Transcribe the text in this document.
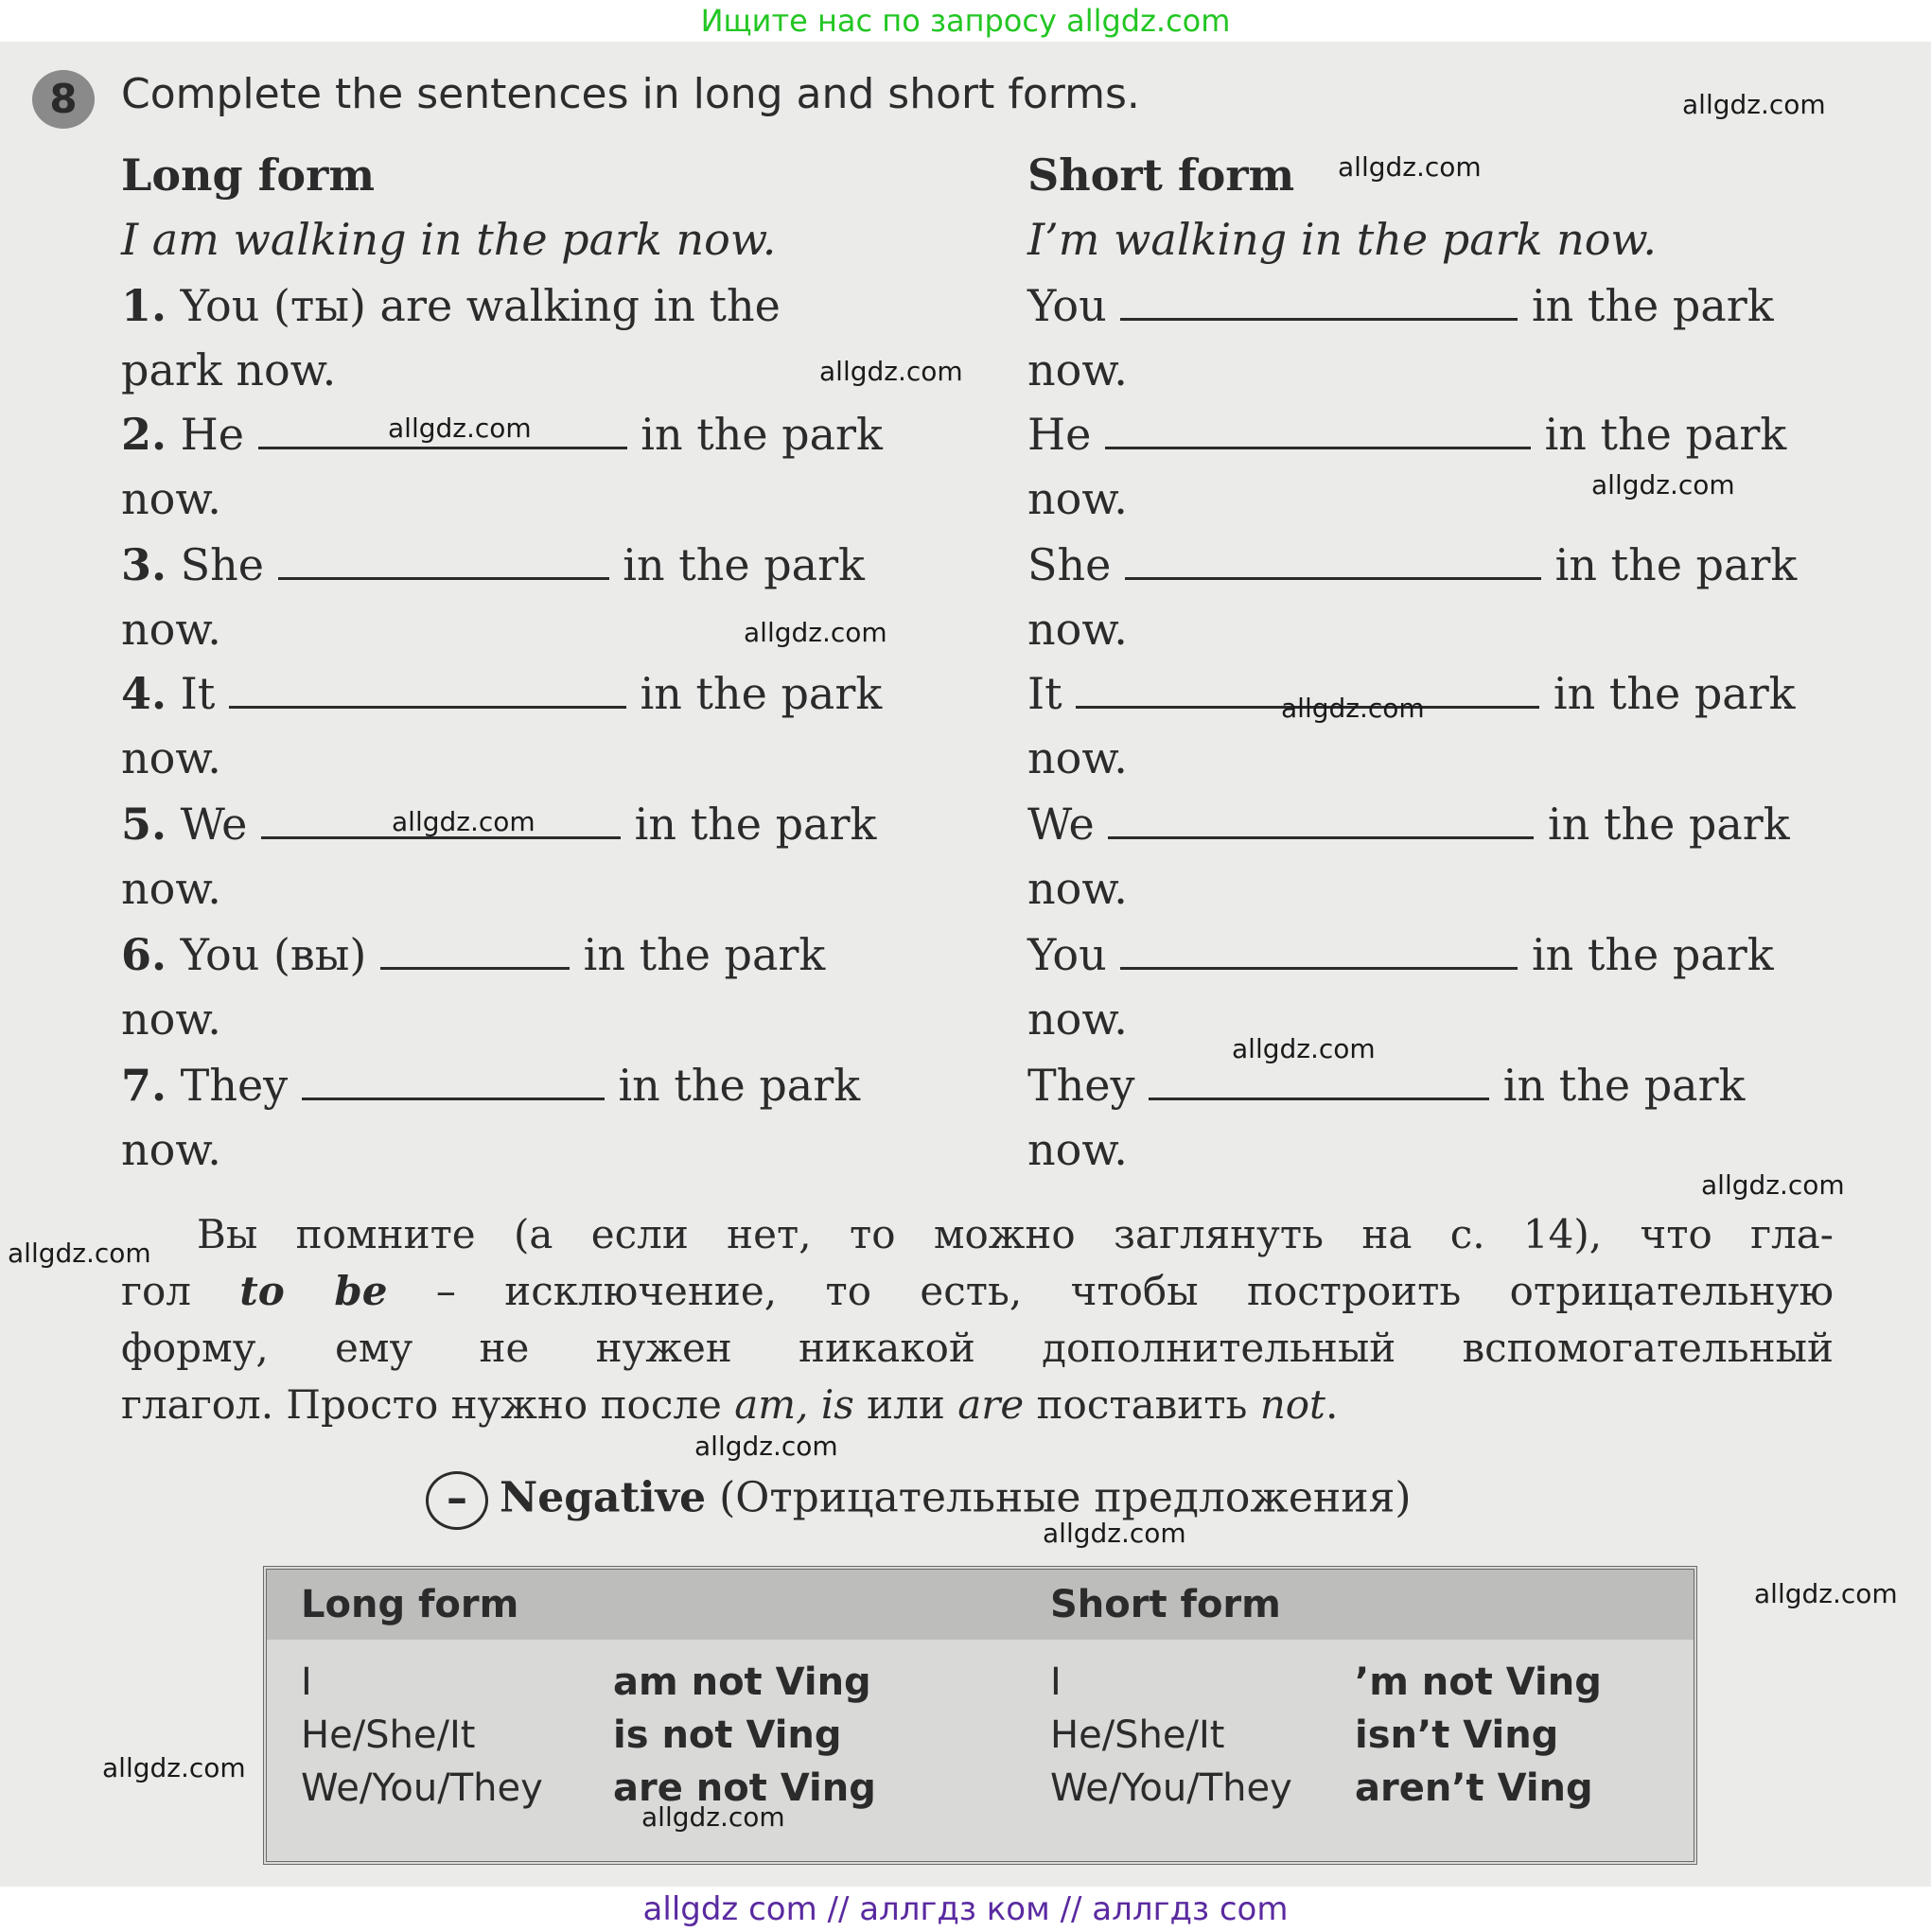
Ищите нас по запросу allgdz.com
8	Complete the sentences in long and short forms.
Long form	Short form
I am walking in the park now.	I’m walking in the park now.
1. You (ты) are walking in the
park now.
You	in the park
now.
2. He	in the park
now.
He	in the park
now.
3. She	in the park
now.
She	in the park
now.
4. It	in the park
now.
It	in the park
now.
5. We	in the park
now.
We	in the park
now.
6. You (вы)	in the park
now.
You	in the park
now.
7. They	in the park
now.
They	in the park
now.
Вы помните (а если нет, то можно заглянуть на с. 14), что гла-
гол to be – исключение, то есть, чтобы построить отрицательную
форму, ему не нужен никакой дополнительный вспомогательный
глагол. Просто нужно после am, is или are поставить not.
– Negative (Отрицательные предложения)
Long form	Short form
I	am not Ving	I	’m not Ving
He/She/It	is not Ving	He/She/It	isn’t Ving
We/You/They are not Ving	We/You/They aren’t Ving
allgdz.com
allgdz.com
allgdz.com
allgdz.com
allgdz.com
allgdz.com
allgdz.com
allgdz.com
allgdz.com
allgdz.com
allgdz.com
allgdz.com
allgdz.com
allgdz.com
allgdz.com
allgdz.com
allgdz com // аллгдз ком // аллгдз com
